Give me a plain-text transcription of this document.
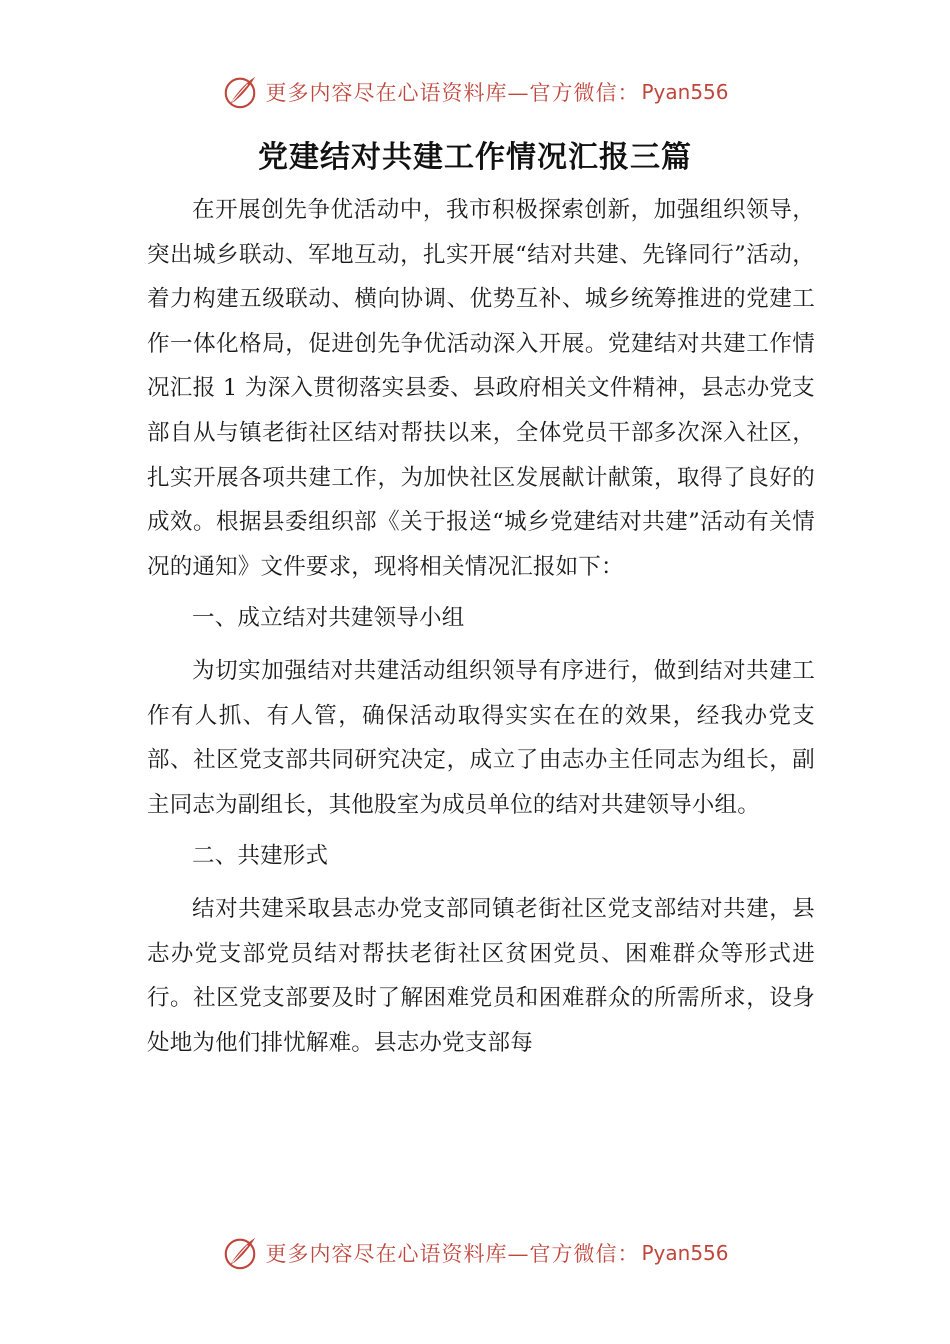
更多内容尽在心语资料库—官方微信： Pyan556
党建结对共建工作情况汇报三篇

在开展创先争优活动中，我市积极探索创新，加强组织领导，突出城乡联动、军地互动，扎实开展“结对共建、先锋同行”活动，着力构建五级联动、横向协调、优势互补、城乡统筹推进的党建工作一体化格局，促进创先争优活动深入开展。党建结对共建工作情况汇报 1 为深入贯彻落实县委、县政府相关文件精神，县志办党支部自从与镇老街社区结对帮扶以来，全体党员干部多次深入社区，扎实开展各项共建工作，为加快社区发展献计献策，取得了良好的成效。根据县委组织部《关于报送“城乡党建结对共建”活动有关情况的通知》文件要求，现将相关情况汇报如下：

一、成立结对共建领导小组

为切实加强结对共建活动组织领导有序进行，做到结对共建工作有人抓、有人管，确保活动取得实实在在的效果，经我办党支部、社区党支部共同研究决定，成立了由志办主任同志为组长，副主同志为副组长，其他股室为成员单位的结对共建领导小组。

二、共建形式

结对共建采取县志办党支部同镇老街社区党支部结对共建，县志办党支部党员结对帮扶老街社区贫困党员、困难群众等形式进行。社区党支部要及时了解困难党员和困难群众的所需所求，设身处地为他们排忧解难。县志办党支部每

更多内容尽在心语资料库—官方微信： Pyan556
